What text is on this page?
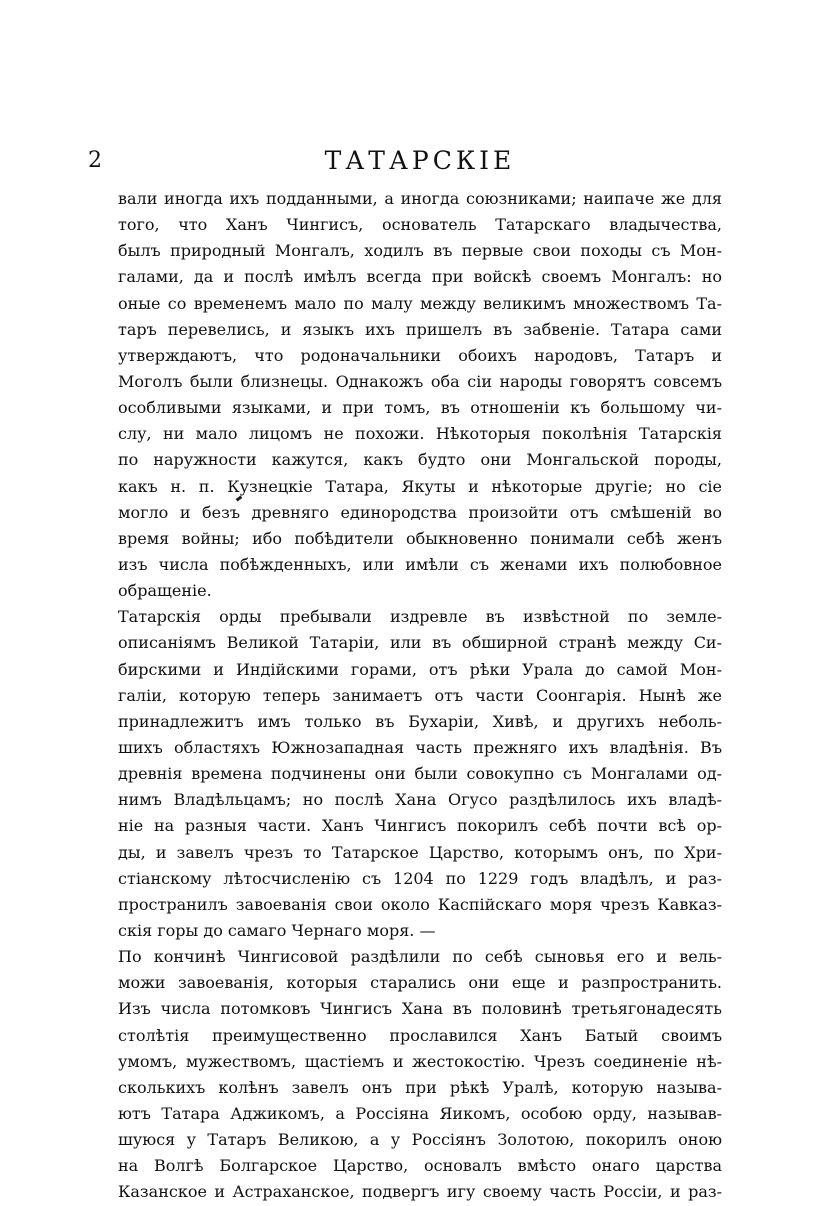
2	ТАТАРСКIЕ
вали иногда ихъ подданными, а иногда союзниками; наипаче же для
того, что Ханъ Чингисъ, основатель Татарскаго владычества,
былъ природный Монгалъ, ходилъ въ первые свои походы съ Мон-
галами, да и послѣ имѣлъ всегда при войскѣ своемъ Монгалъ: но
оные со временемъ мало по малу между великимъ множествомъ Та-
таръ перевелись, и языкъ ихъ пришелъ въ забвенiе. Татара сами
утверждаютъ, что родоначальники обоихъ народовъ, Татаръ и
Моголъ были близнецы. Однакожъ оба сiи народы говорятъ совсемъ
особливыми языками, и при томъ, въ отношенiи къ большому чи-
слу, ни мало лицомъ не похожи. Нѣкоторыя поколѣнiя Татарскiя
по наружности кажутся, какъ будто они Монгальской породы,
какъ н. п. Кузнецкiе Татара, Якуты и нѣкоторые другiе; но сiе
могло и безъ древняго единородства произойти отъ смѣшенiй во
время войны; ибо побѣдители обыкновенно понимали себѣ женъ
изъ числа побѣжденныхъ, или имѣли съ женами ихъ полюбовное
обращенiе.
Татарскiя орды пребывали издревле въ извѣстной по земле-
описанiямъ Великой Татарiи, или въ обширной странѣ между Си-
бирскими и Индiйскими горами, отъ рѣки Урала до самой Мон-
галiи, которую теперь занимаетъ отъ части Соонгарiя. Нынѣ же
принадлежитъ имъ только въ Бухарiи, Хивѣ, и другихъ неболь-
шихъ областяхъ Южнозападная часть прежняго ихъ владѣнiя. Въ
древнiя времена подчинены они были совокупно съ Монгалами од-
нимъ Владѣльцамъ; но послѣ Хана Огусо раздѣлилось ихъ владѣ-
нiе на разныя части. Ханъ Чингисъ покорилъ себѣ почти всѣ ор-
ды, и завелъ чрезъ то Татарское Царство, которымъ онъ, по Хри-
стiанскому лѣтосчисленiю съ 1204 по 1229 годъ владѣлъ, и раз-
пространилъ завоеванiя свои около Каспiйскаго моря чрезъ Кавказ-
скiя горы до самаго Чернаго моря. —
По кончинѣ Чингисовой раздѣлили по себѣ сыновья его и вель-
можи завоеванiя, которыя старались они еще и разпространить.
Изъ числа потомковъ Чингисъ Хана въ половинѣ третьягонадесять
столѣтiя преимущественно прославился Ханъ Батый своимъ
умомъ, мужествомъ, щастiемъ и жестокостiю. Чрезъ соединенiе нѣ-
сколькихъ колѣнъ завелъ онъ при рѣкѣ Уралѣ, которую называ-
ютъ Татара Аджикомъ, а Россiяна Яикомъ, особою орду, называв-
шуюся у Татаръ Великою, а у Россiянъ Золотою, покорилъ оною
на Волгѣ Болгарское Царство, основалъ вмѣсто онаго царства
Казанское и Астраханское, подвергъ игу своему часть Россiи, и раз-
